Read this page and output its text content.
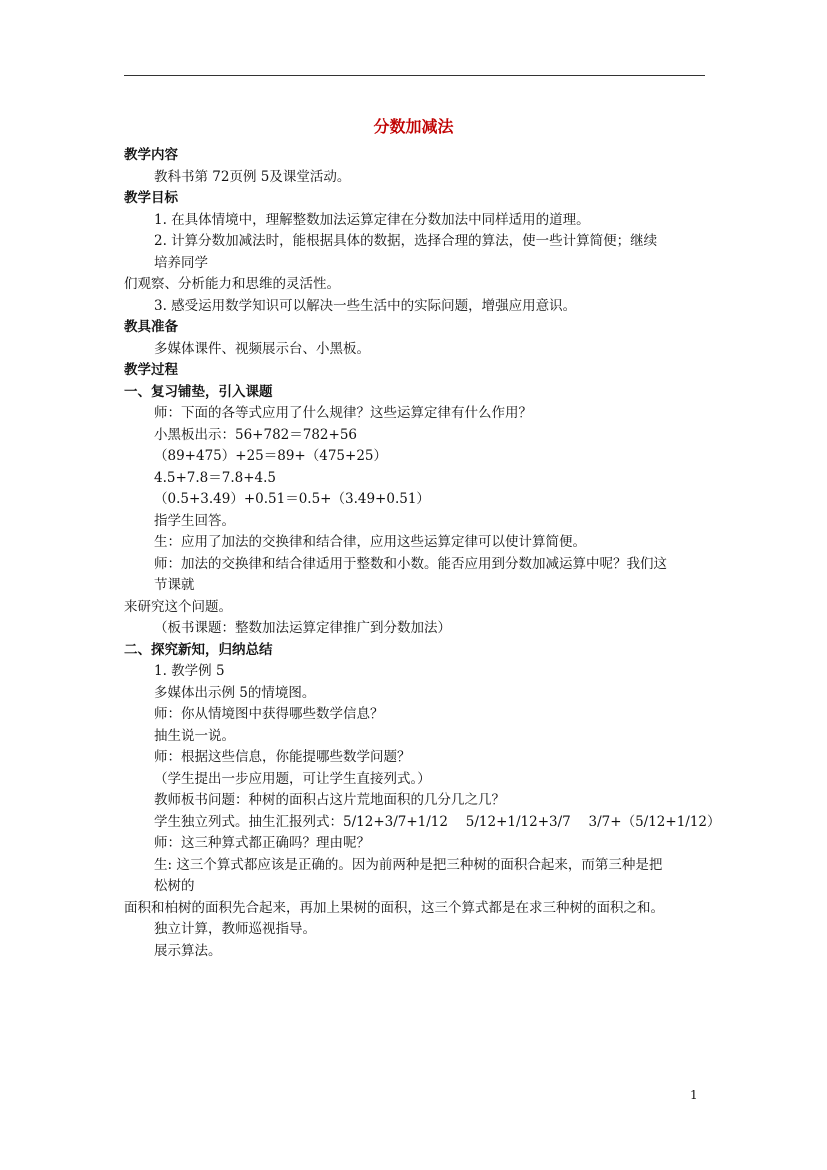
分数加减法
教学内容
教科书第 72页例 5及课堂活动。
教学目标
1. 在具体情境中，理解整数加法运算定律在分数加法中同样适用的道理。
2. 计算分数加减法时，能根据具体的数据，选择合理的算法，使一些计算简便；继续
培养同学
们观察、分析能力和思维的灵活性。
3. 感受运用数学知识可以解决一些生活中的实际问题，增强应用意识。
教具准备
多媒体课件、视频展示台、小黑板。
教学过程
一、复习铺垫，引入课题
师：下面的各等式应用了什么规律？这些运算定律有什么作用？
小黑板出示：56+782＝782+56
（89+475）+25＝89+（475+25）
4.5+7.8＝7.8+4.5
（0.5+3.49）+0.51＝0.5+（3.49+0.51）
指学生回答。
生：应用了加法的交换律和结合律，应用这些运算定律可以使计算简便。
师：加法的交换律和结合律适用于整数和小数。能否应用到分数加减运算中呢？我们这
节课就
来研究这个问题。
（板书课题：整数加法运算定律推广到分数加法）
二、探究新知，归纳总结
1. 教学例 5
多媒体出示例 5的情境图。
师：你从情境图中获得哪些数学信息？
抽生说一说。
师：根据这些信息，你能提哪些数学问题？
（学生提出一步应用题，可让学生直接列式。）
教师板书问题：种树的面积占这片荒地面积的几分几之几？
学生独立列式。抽生汇报列式：5/12+3/7+1/12　 5/12+1/12+3/7　 3/7+（5/12+1/12）
师：这三种算式都正确吗？理由呢？
生: 这三个算式都应该是正确的。因为前两种是把三种树的面积合起来，而第三种是把
松树的
面积和柏树的面积先合起来，再加上果树的面积，这三个算式都是在求三种树的面积之和。
独立计算，教师巡视指导。
展示算法。
1
